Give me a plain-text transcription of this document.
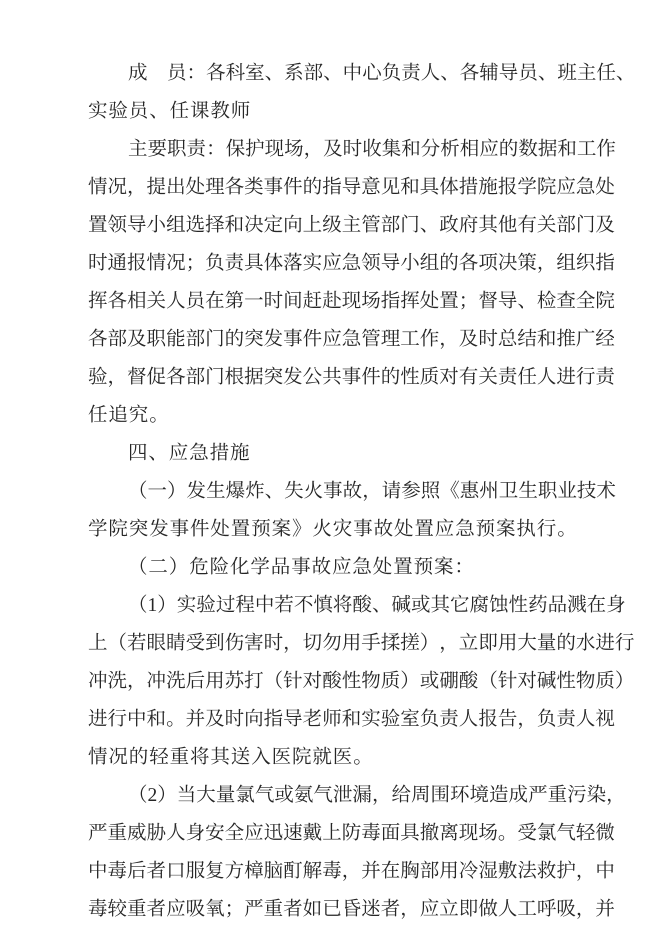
成
　 员 ： 各 科 室 、 系 部 、 中 心 负 责 人 、 各 辅 导 员 、 班 主 任 、
实验员、任课教师
主 要 职 责 ： 保 护 现 场 ， 及 时 收 集 和 分 析 相 应 的 数 据 和 工 作
情 况 ， 提 出 处 理 各 类 事 件 的 指 导 意 见 和 具 体 措 施 报 学 院 应 急 处
置 领 导 小 组 选 择 和 决 定 向 上 级 主 管 部 门 、 政 府 其 他 有 关 部 门 及
时 通 报 情 况 ； 负 责 具 体 落 实 应 急 领 导 小 组 的 各 项 决 策 ， 组 织 指
挥 各 相 关 人 员 在 第 一 时 间 赶 赴 现 场 指 挥 处 置 ； 督 导 、 检 查 全 院
各 部 及 职 能 部 门 的 突 发 事 件 应 急 管 理 工 作 ， 及 时 总 结 和 推 广 经
验 ， 督 促 各 部 门 根 据 突 发 公 共 事 件 的 性 质 对 有 关 责 任 人 进 行 责
任追究。
四、应急措施
（ 一 ） 发 生 爆 炸 、 失 火 事 故 ， 请 参 照 《 惠 州 卫 生 职 业 技 术
学院突发事件处置预案》火灾事故处置应急预案执行。
（二）危险化学品事故应急处置预案：
（ 1 ） 实 验 过 程 中 若 不 慎 将 酸 、 碱 或 其 它 腐 蚀 性 药 品 溅 在 身
上 （ 若 眼 睛 受 到 伤 害 时 ， 切 勿 用 手 揉 搓 ） ， 立 即 用 大 量 的 水 进 行
冲 洗 ， 冲 洗 后 用 苏 打 （ 针 对 酸 性 物 质 ） 或 硼 酸 （ 针 对 碱 性 物 质 ）
进 行 中 和 。 并 及 时 向 指 导 老 师 和 实 验 室 负 责 人 报 告 ， 负 责 人 视
情况的轻重将其送入医院就医。
（ 2 ） 当 大 量 氯 气 或 氨 气 泄 漏 ， 给 周 围 环 境 造 成 严 重 污 染 ，
严 重 威 胁 人 身 安 全 应 迅 速 戴 上 防 毒 面 具 撤 离 现 场 。 受 氯 气 轻 微
中 毒 后 者 口 服 复 方 樟 脑 酊 解 毒 ， 并 在 胸 部 用 冷 湿 敷 法 救 护 ， 中
毒 较 重 者 应 吸 氧 ； 严 重 者 如 已 昏 迷 者 ， 应 立 即 做 人 工 呼 吸 ， 并
